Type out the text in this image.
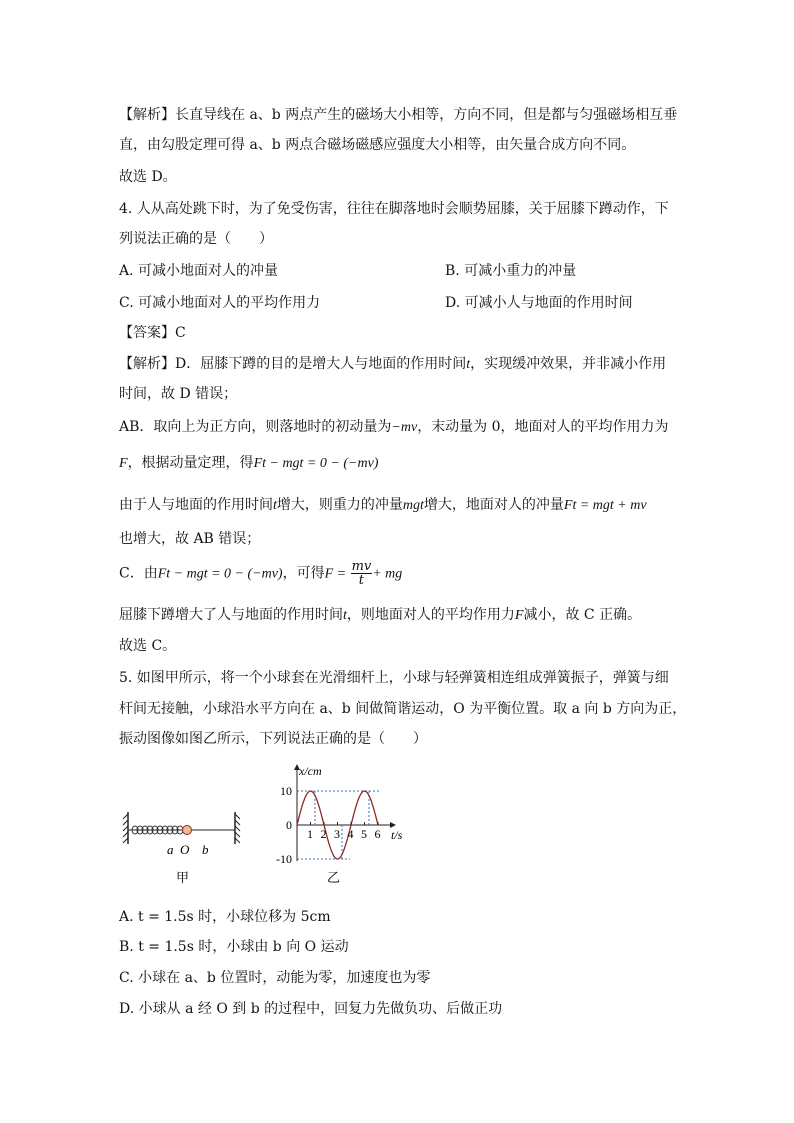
【解析】长直导线在 a、b 两点产生的磁场大小相等，方向不同，但是都与匀强磁场相互垂
直，由勾股定理可得 a、b 两点合磁场磁感应强度大小相等，由矢量合成方向不同。
故选 D。
4. 人从高处跳下时，为了免受伤害，往往在脚落地时会顺势屈膝，关于屈膝下蹲动作，下
列说法正确的是（　　）
A. 可减小地面对人的冲量	B. 可减小重力的冲量
C. 可减小地面对人的平均作用力	D. 可减小人与地面的作用时间
【答案】C
【解析】D．屈膝下蹲的目的是增大人与地面的作用时间t，实现缓冲效果，并非减小作用
时间，故 D 错误；
AB．取向上为正方向，则落地时的初动量为−mv，末动量为 0，地面对人的平均作用力为
F，根据动量定理，得Ft − mgt = 0 − (−mv)
由于人与地面的作用时间t增大，则重力的冲量mgt增大，地面对人的冲量Ft = mgt + mv
也增大，故 AB 错误；
C．由Ft − mgt = 0 − (−mv)，可得$F = \frac{mv}{t}$ + mg
屈膝下蹲增大了人与地面的作用时间t，则地面对人的平均作用力F减小，故 C 正确。
故选 C。
5. 如图甲所示，将一个小球套在光滑细杆上，小球与轻弹簧相连组成弹簧振子，弹簧与细
杆间无接触，小球沿水平方向在 a、b 间做简谐运动，O 为平衡位置。取 a 向 b 方向为正，
振动图像如图乙所示，下列说法正确的是（　　）
a O b
甲
x/cm
t/s
10
0
-10
1 2 3 4 5 6
乙
A. t = 1.5s 时，小球位移为 5cm
B. t = 1.5s 时，小球由 b 向 O 运动
C. 小球在 a、b 位置时，动能为零，加速度也为零
D. 小球从 a 经 O 到 b 的过程中，回复力先做负功、后做正功
